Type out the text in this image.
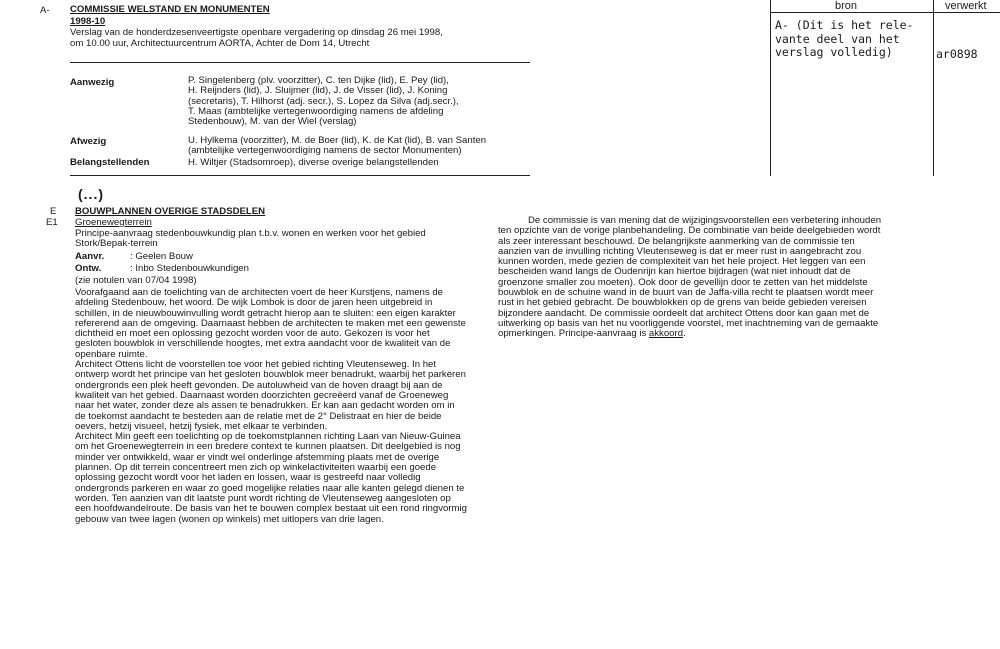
A-
E
E1
COMMISSIE WELSTAND EN MONUMENTEN
1998-10
Verslag van de honderdzesenveertigste openbare vergadering op dinsdag 26 mei 1998,
om 10.00 uur, Architectuurcentrum AORTA, Achter de Dom 14, Utrecht
Aanwezig	P. Singelenberg (plv. voorzitter), C. ten Dijke (lid), E. Pey (lid),
H. Reijnders (lid), J. Sluijmer (lid), J. de Visser (lid), J. Koning
(secretaris), T. Hilhorst (adj. secr.), S. Lopez da Silva (adj.secr.),
T. Maas (ambtelijke vertegenwoordiging namens de afdeling
Stedenbouw), M. van der Wiel (verslag)
Afwezig	U. Hylkema (voorzitter), M. de Boer (lid), K. de Kat (lid), B. van Santen
(ambtelijke vertegenwoordiging namens de sector Monumenten)
Belangstellenden	H. Wiltjer (Stadsomroep), diverse overige belangstellenden
(...)
BOUWPLANNEN OVERIGE STADSDELEN
Groenewegterrein
Principe-aanvraag stedenbouwkundig plan t.b.v. wonen en werken voor het gebied
Stork/Bepak-terrein
Aanvr.	: Geelen Bouw
Ontw.	: Inbo Stedenbouwkundigen
(zie notulen van 07/04 1998)
Voorafgaand aan de toelichting van de architecten voert de heer Kurstjens, namens de
afdeling Stedenbouw, het woord. De wijk Lombok is door de jaren heen uitgebreid in
schillen, in de nieuwbouwinvulling wordt getracht hierop aan te sluiten: een eigen karakter
refererend aan de omgeving. Daarnaast hebben de architecten te maken met een gewenste
dichtheid en moet een oplossing gezocht worden voor de auto. Gekozen is voor het
gesloten bouwblok in verschillende hoogtes, met extra aandacht voor de kwaliteit van de
openbare ruimte.
Architect Ottens licht de voorstellen toe voor het gebied richting Vleutenseweg. In het
ontwerp wordt het principe van het gesloten bouwblok meer benadrukt, waarbij het parkeren
ondergronds een plek heeft gevonden. De autoluwheid van de hoven draagt bij aan de
kwaliteit van het gebied. Daarnaast worden doorzichten gecreëerd vanaf de Groeneweg
naar het water, zonder deze als assen te benadrukken. Er kan aan gedacht worden om in
de toekomst aandacht te besteden aan de relatie met de 2° Delistraat en hier de beide
oevers, hetzij visueel, hetzij fysiek, met elkaar te verbinden.
Architect Min geeft een toelichting op de toekomstplannen richting Laan van Nieuw-Guinea
om het Groenewegterrein in een bredere context te kunnen plaatsen. Dit deelgebied is nog
minder ver ontwikkeld, waar er vindt wel onderlinge afstemming plaats met de overige
plannen. Op dit terrein concentreert men zich op winkelactiviteiten waarbij een goede
oplossing gezocht wordt voor het laden en lossen, waar is gestreefd naar volledig
ondergronds parkeren en waar zo goed mogelijke relaties naar alle kanten gelegd dienen te
worden. Ten aanzien van dit laatste punt wordt richting de Vleutenseweg aangesloten op
een hoofdwandelroute. De basis van het te bouwen complex bestaat uit een rond ringvormig
gebouw van twee lagen (wonen op winkels) met uitlopers van drie lagen.
De commissie is van mening dat de wijzigingsvoorstellen een verbetering inhouden
ten opzichte van de vorige planbehandeling. De combinatie van beide deelgebieden wordt
als zeer interessant beschouwd. De belangrijkste aanmerking van de commissie ten
aanzien van de invulling richting Vleutenseweg is dat er meer rust in aangebracht zou
kunnen worden, mede gezien de complexiteit van het hele project. Het leggen van een
bescheiden wand langs de Oudenrijn kan hiertoe bijdragen (wat niet inhoudt dat de
groenzone smaller zou moeten). Ook door de gevellijn door te zetten van het middelste
bouwblok en de schuine wand in de buurt van de Jaffa-villa recht te plaatsen wordt meer
rust in het gebied gebracht. De bouwblokken op de grens van beide gebieden vereisen
bijzondere aandacht. De commissie oordeelt dat architect Ottens door kan gaan met de
uitwerking op basis van het nu voorliggende voorstel, met inachtneming van de gemaakte
opmerkingen. Principe-aanvraag is akkoord.
bron	verwerkt
A- (Dit is het rele-
vante deel van het
verslag volledig)	ar0898
